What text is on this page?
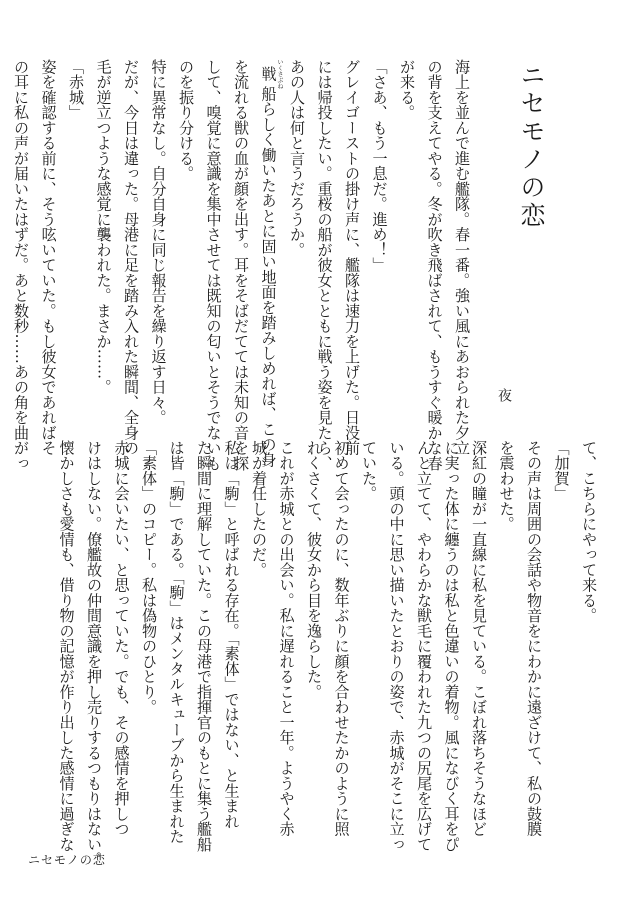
ニセモノの恋
夜
海上を並んで進む艦隊。春一番。強い風にあおられた夕立
の背を支えてやる。冬が吹き飛ばされて、もうすぐ暖かな春
が来る。
「さあ、もう一息だ。進め！」
グレイゴーストの掛け声に、艦隊は速力を上げた。日没前
には帰投したい。重桜の船が彼女とともに戦う姿を見たら、
あの人は何と言うだろうか。
戦いくさぶね船らしく働いたあとに固い地面を踏みしめれば、この身
を流れる獣の血が顔を出す。耳をそばだてては未知の音を探
して、嗅覚に意識を集中させては既知の匂いとそうでないも
のを振り分ける。
特に異常なし。自分自身に同じ報告を繰り返す日々。
だが、今日は違った。母港に足を踏み入れた瞬間、全身の
毛が逆立つような感覚に襲われた。まさか……。
「赤城」
姿を確認する前に、そう呟いていた。もし彼女であればそ
の耳に私の声が届いたはずだ。あと数秒……あの角を曲がっ
て、こちらにやって来る。
「加賀」
その声は周囲の会話や物音をにわかに遠ざけて、私の鼓膜
を震わせた。
深紅の瞳が一直線に私を見ている。こぼれ落ちそうなほど
に実った体に纏うのは私と色違いの着物。風になびく耳をぴ
んと立てて、やわらかな獣毛に覆われた九つの尻尾を広げて
いる。頭の中に思い描いたとおりの姿で、赤城がそこに立っ
ていた。
初めて会ったのに、数年ぶりに顔を合わせたかのように照
れくさくて、彼女から目を逸らした。
これが赤城との出会い。私に遅れること一年。ようやく赤
城が着任したのだ。
私は「駒」と呼ばれる存在。「素体」ではない、と生まれ
た瞬間に理解していた。この母港で指揮官のもとに集う艦船
は皆「駒」である。「駒」はメンタルキューブから生まれた
「素体」のコピー。私は偽物のひとり。
赤城に会いたい、と思っていた。でも、その感情を押しつ
けはしない。僚艦故の仲間意識を押し売りするつもりはない。
懐かしさも愛情も、借り物の記憶が作り出した感情に過ぎな
ニセモノの恋
